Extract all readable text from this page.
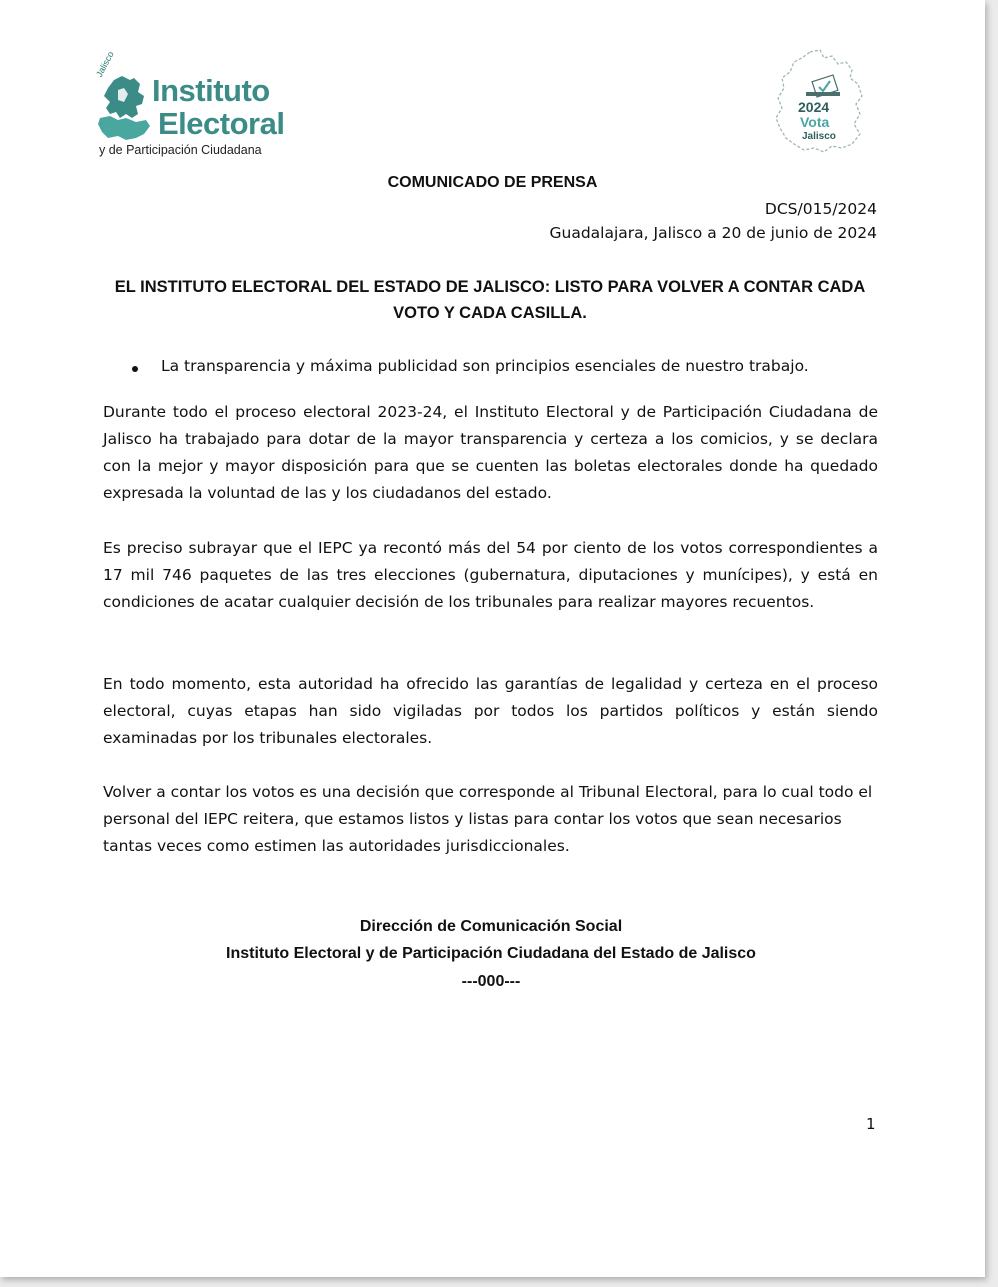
Jalisco
Instituto
Electoral
y de Participación Ciudadana
2024
Vota
Jalisco
COMUNICADO DE PRENSA
DCS/015/2024
Guadalajara, Jalisco a 20 de junio de 2024
EL INSTITUTO ELECTORAL DEL ESTADO DE JALISCO: LISTO PARA VOLVER A CONTAR CADA VOTO Y CADA CASILLA.
La transparencia y máxima publicidad son principios esenciales de nuestro trabajo.
Durante todo el proceso electoral 2023-24, el Instituto Electoral y de Participación Ciudadana de Jalisco ha trabajado para dotar de la mayor transparencia y certeza a los comicios, y se declara con la mejor y mayor disposición para que se cuenten las boletas electorales donde ha quedado expresada la voluntad de las y los ciudadanos del estado.
Es preciso subrayar que el IEPC ya recontó más del 54 por ciento de los votos correspondientes a 17 mil 746 paquetes de las tres elecciones (gubernatura, diputaciones y munícipes), y está en condiciones de acatar cualquier decisión de los tribunales para realizar mayores recuentos.
En todo momento, esta autoridad ha ofrecido las garantías de legalidad y certeza en el proceso electoral, cuyas etapas han sido vigiladas por todos los partidos políticos y están siendo examinadas por los tribunales electorales.
Volver a contar los votos es una decisión que corresponde al Tribunal Electoral, para lo cual todo el personal del IEPC reitera, que estamos listos y listas para contar los votos que sean necesarios tantas veces como estimen las autoridades jurisdiccionales.
Dirección de Comunicación Social
Instituto Electoral y de Participación Ciudadana del Estado de Jalisco
---000---
1
